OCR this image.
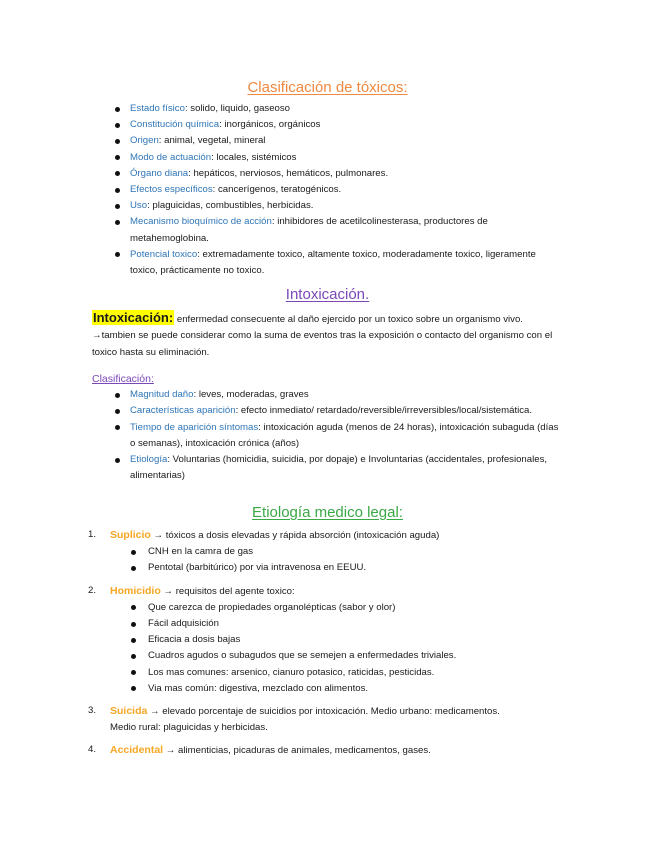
Clasificación de tóxicos:
Estado físico: solido, liquido, gaseoso
Constitución química: inorgánicos, orgánicos
Origen: animal, vegetal, mineral
Modo de actuación: locales, sistémicos
Órgano diana: hepáticos, nerviosos, hemáticos, pulmonares.
Efectos específicos: cancerígenos, teratogénicos.
Uso: plaguicidas, combustibles, herbicidas.
Mecanismo bioquímico de acción: inhibidores de acetilcolinesterasa, productores de metahemoglobina.
Potencial toxico: extremadamente toxico, altamente toxico, moderadamente toxico, ligeramente toxico, prácticamente no toxico.
Intoxicación.
Intoxicación: enfermedad consecuente al daño ejercido por un toxico sobre un organismo vivo.
→tambien se puede considerar como la suma de eventos tras la exposición o contacto del organismo con el toxico hasta su eliminación.
Clasificación:
Magnitud daño: leves, moderadas, graves
Características aparición: efecto inmediato/ retardado/reversible/irreversibles/local/sistemática.
Tiempo de aparición síntomas: intoxicación aguda (menos de 24 horas), intoxicación subaguda (días o semanas), intoxicación crónica (años)
Etiología: Voluntarias (homicidia, suicidia, por dopaje) e Involuntarias (accidentales, profesionales, alimentarias)
Etiología medico legal:
1. Suplicio → tóxicos a dosis elevadas y rápida absorción (intoxicación aguda)
CNH en la camra de gas
Pentotal (barbitúrico) por via intravenosa en EEUU.
2. Homicidio → requisitos del agente toxico:
Que carezca de propiedades organolépticas (sabor y olor)
Fácil adquisición
Eficacia a dosis bajas
Cuadros agudos o subagudos que se semejen a enfermedades triviales.
Los mas comunes: arsenico, cianuro potasico, raticidas, pesticidas.
Via mas común: digestiva, mezclado con alimentos.
3. Suicida → elevado porcentaje de suicidios por intoxicación. Medio urbano: medicamentos.
Medio rural: plaguicidas y herbicidas.
4. Accidental → alimenticias, picaduras de animales, medicamentos, gases.
